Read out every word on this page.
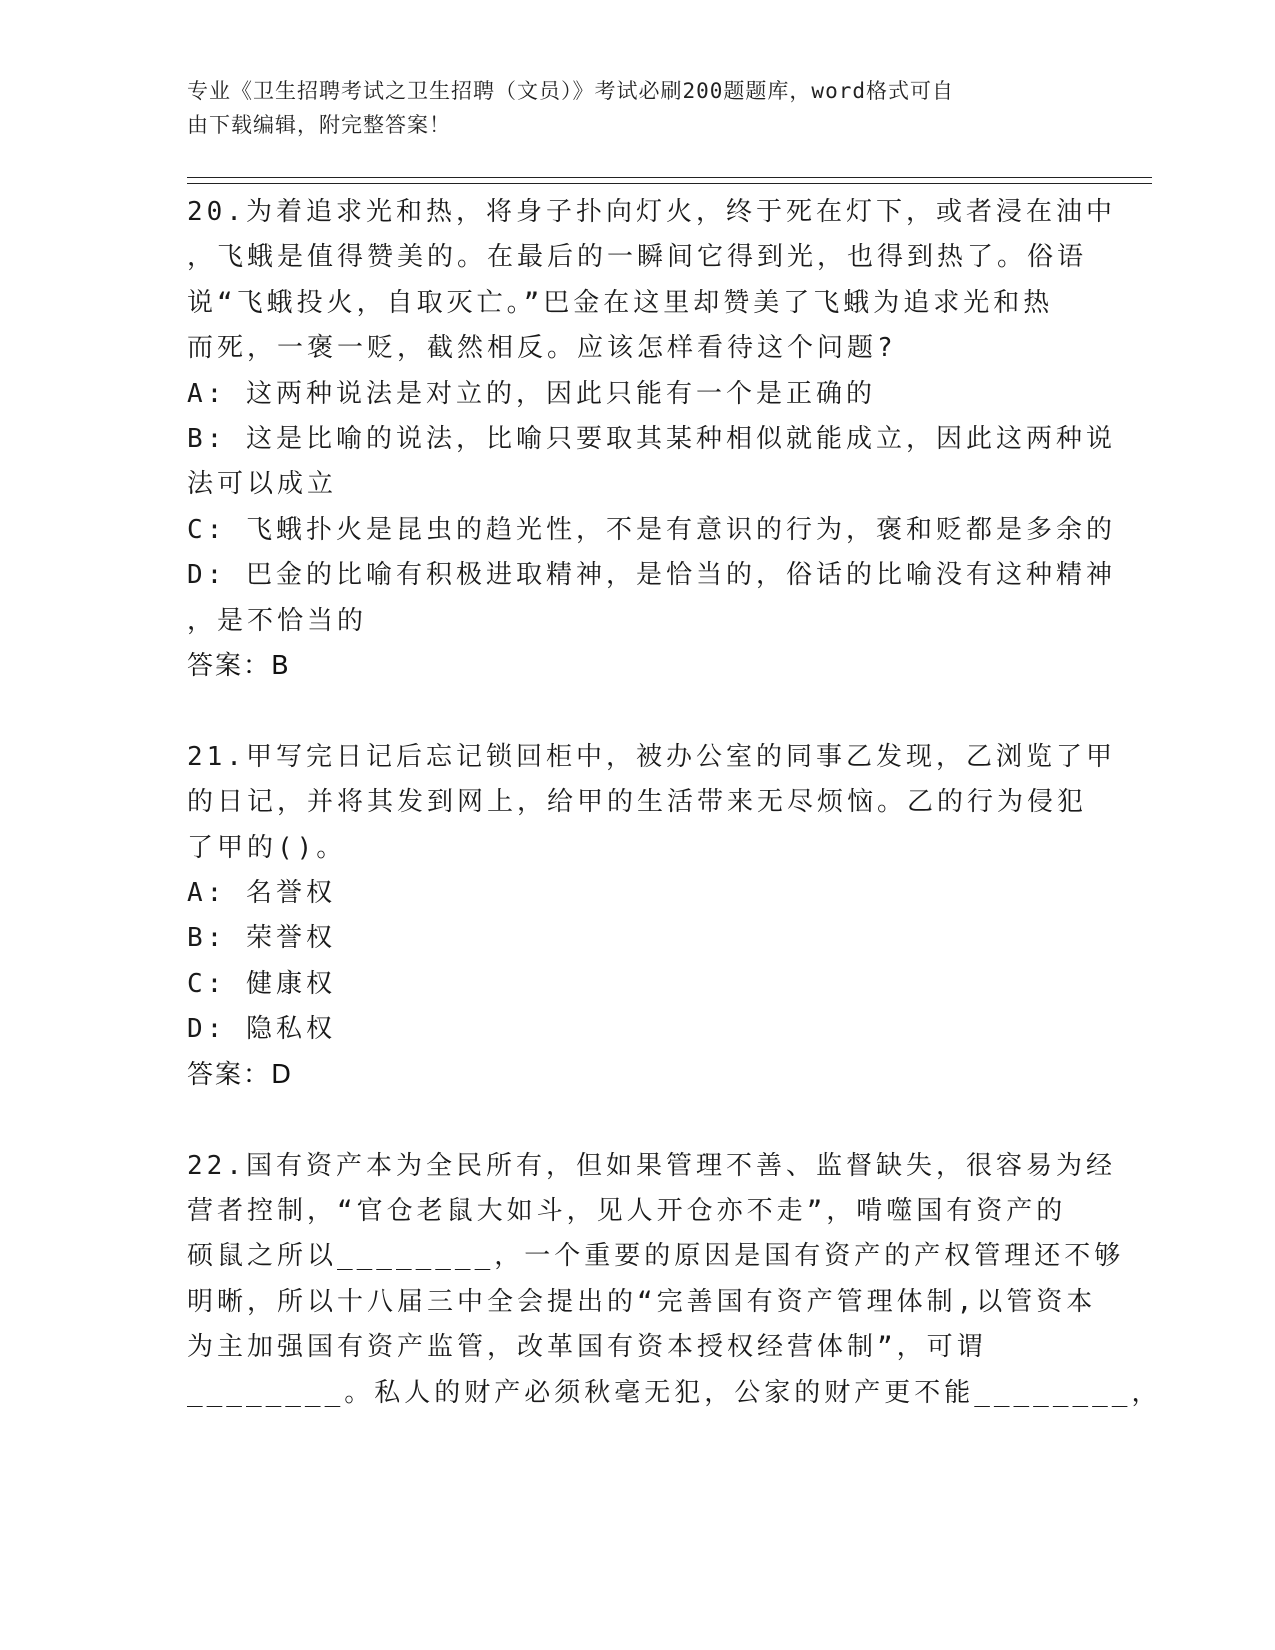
专业《卫生招聘考试之卫生招聘（文员）》考试必刷200题题库，word格式可自
由下载编辑，附完整答案！
20.为着追求光和热，将身子扑向灯火，终于死在灯下，或者浸在油中
，飞蛾是值得赞美的。在最后的一瞬间它得到光，也得到热了。俗语
说“飞蛾投火，自取灭亡。”巴金在这里却赞美了飞蛾为追求光和热
而死，一褒一贬，截然相反。应该怎样看待这个问题?
A: 这两种说法是对立的，因此只能有一个是正确的
B: 这是比喻的说法，比喻只要取其某种相似就能成立，因此这两种说
法可以成立
C: 飞蛾扑火是昆虫的趋光性，不是有意识的行为，褒和贬都是多余的
D: 巴金的比喻有积极进取精神，是恰当的，俗话的比喻没有这种精神
，是不恰当的
答案：B
21.甲写完日记后忘记锁回柜中，被办公室的同事乙发现，乙浏览了甲
的日记，并将其发到网上，给甲的生活带来无尽烦恼。乙的行为侵犯
了甲的()。
A: 名誉权
B: 荣誉权
C: 健康权
D: 隐私权
答案：D
22.国有资产本为全民所有，但如果管理不善、监督缺失，很容易为经
营者控制，“官仓老鼠大如斗，见人开仓亦不走”，啃噬国有资产的
硕鼠之所以________，一个重要的原因是国有资产的产权管理还不够
明晰，所以十八届三中全会提出的“完善国有资产管理体制,以管资本
为主加强国有资产监管，改革国有资本授权经营体制”，可谓
________。私人的财产必须秋毫无犯，公家的财产更不能________，
